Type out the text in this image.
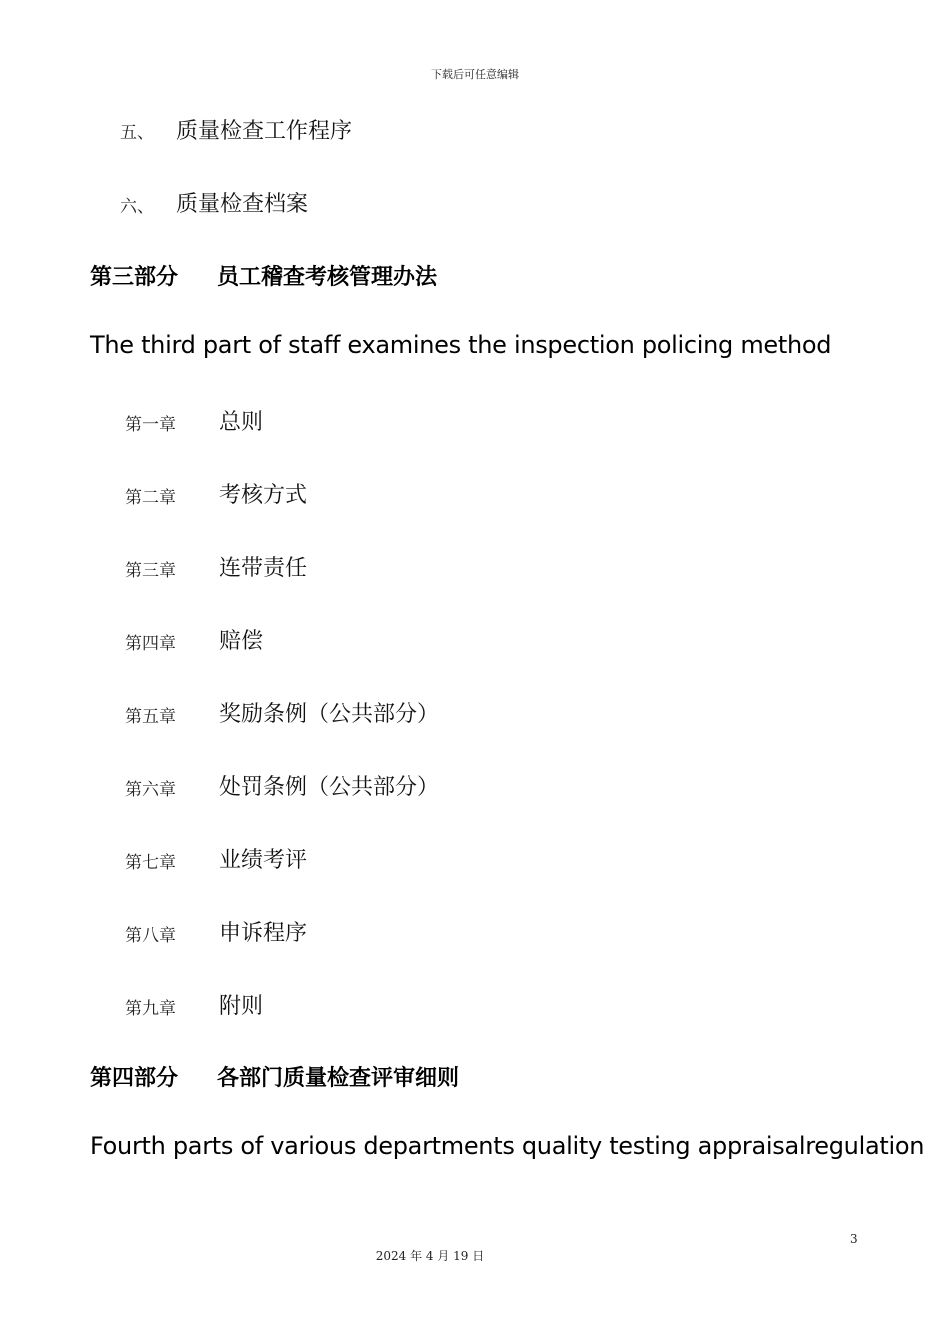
下载后可任意编辑
五、 质量检查工作程序
六、 质量检查档案
第三部分 员工稽查考核管理办法
The third part of staff examines the inspection policing method
第一章 总则
第二章 考核方式
第三章 连带责任
第四章 赔偿
第五章 奖励条例（公共部分）
第六章 处罚条例（公共部分）
第七章 业绩考评
第八章 申诉程序
第九章 附则
第四部分 各部门质量检查评审细则
Fourth parts of various departments quality testing appraisalregulation
3
2024 年 4 月 19 日
